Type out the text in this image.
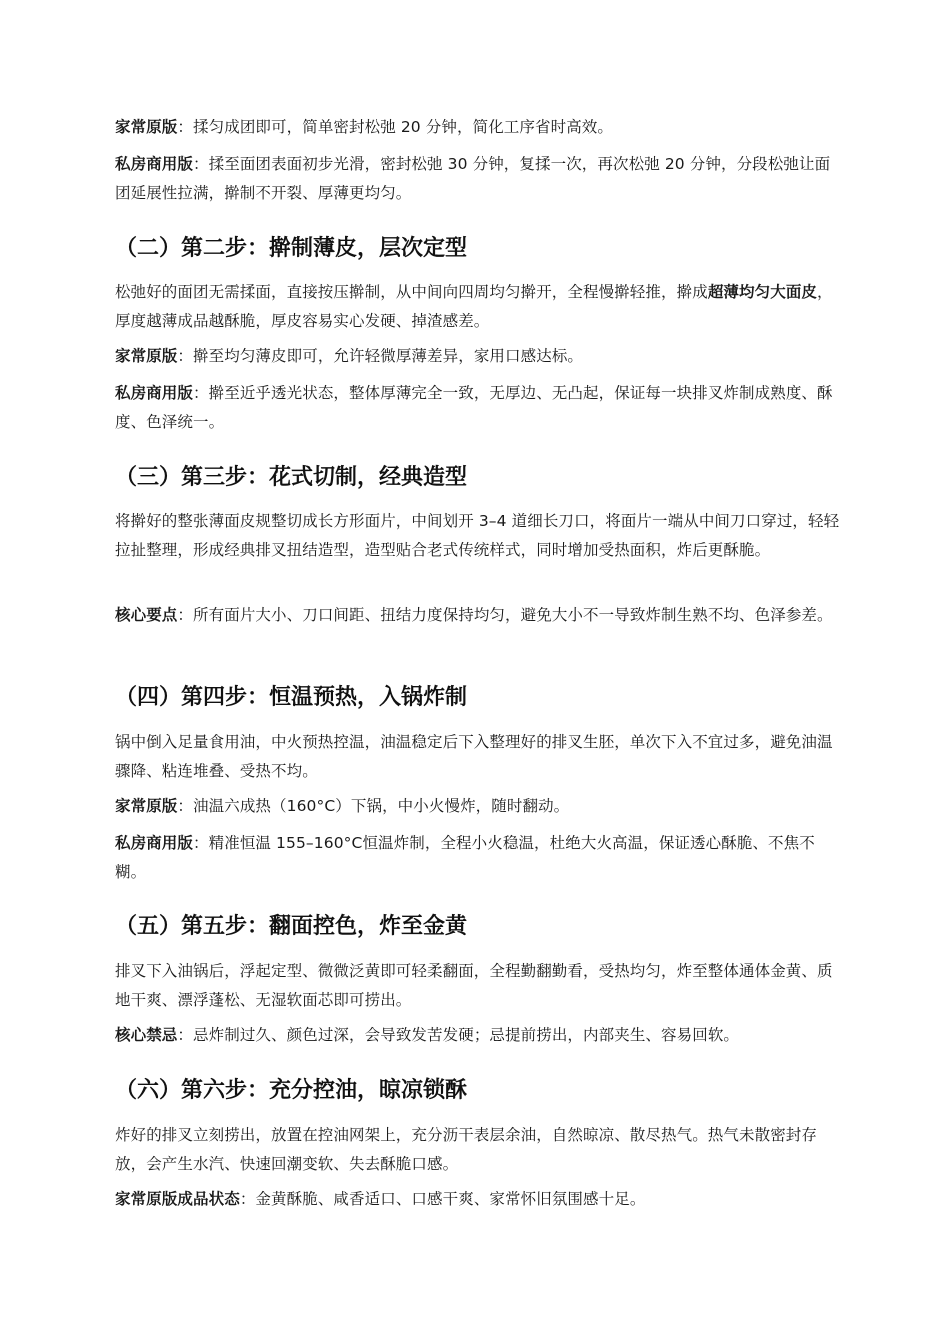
家常原版：揉匀成团即可，简单密封松弛 20 分钟，简化工序省时高效。

私房商用版：揉至面团表面初步光滑，密封松弛 30 分钟，复揉一次，再次松弛 20 分钟，分段松弛让面团延展性拉满，擀制不开裂、厚薄更均匀。

（二）第二步：擀制薄皮，层次定型

松弛好的面团无需揉面，直接按压擀制，从中间向四周均匀擀开，全程慢擀轻推，擀成超薄均匀大面皮，厚度越薄成品越酥脆，厚皮容易实心发硬、掉渣感差。

家常原版：擀至均匀薄皮即可，允许轻微厚薄差异，家用口感达标。

私房商用版：擀至近乎透光状态，整体厚薄完全一致，无厚边、无凸起，保证每一块排叉炸制成熟度、酥度、色泽统一。

（三）第三步：花式切制，经典造型

将擀好的整张薄面皮规整切成长方形面片，中间划开 3–4 道细长刀口，将面片一端从中间刀口穿过，轻轻拉扯整理，形成经典排叉扭结造型，造型贴合老式传统样式，同时增加受热面积，炸后更酥脆。

核心要点：所有面片大小、刀口间距、扭结力度保持均匀，避免大小不一导致炸制生熟不均、色泽参差。

（四）第四步：恒温预热，入锅炸制

锅中倒入足量食用油，中火预热控温，油温稳定后下入整理好的排叉生胚，单次下入不宜过多，避免油温骤降、粘连堆叠、受热不均。

家常原版：油温六成热（160°C）下锅，中小火慢炸，随时翻动。

私房商用版：精准恒温 155–160°C恒温炸制，全程小火稳温，杜绝大火高温，保证透心酥脆、不焦不糊。

（五）第五步：翻面控色，炸至金黄

排叉下入油锅后，浮起定型、微微泛黄即可轻柔翻面，全程勤翻勤看，受热均匀，炸至整体通体金黄、质地干爽、漂浮蓬松、无湿软面芯即可捞出。

核心禁忌：忌炸制过久、颜色过深，会导致发苦发硬；忌提前捞出，内部夹生、容易回软。

（六）第六步：充分控油，晾凉锁酥

炸好的排叉立刻捞出，放置在控油网架上，充分沥干表层余油，自然晾凉、散尽热气。热气未散密封存放，会产生水汽、快速回潮变软、失去酥脆口感。

家常原版成品状态：金黄酥脆、咸香适口、口感干爽、家常怀旧氛围感十足。
